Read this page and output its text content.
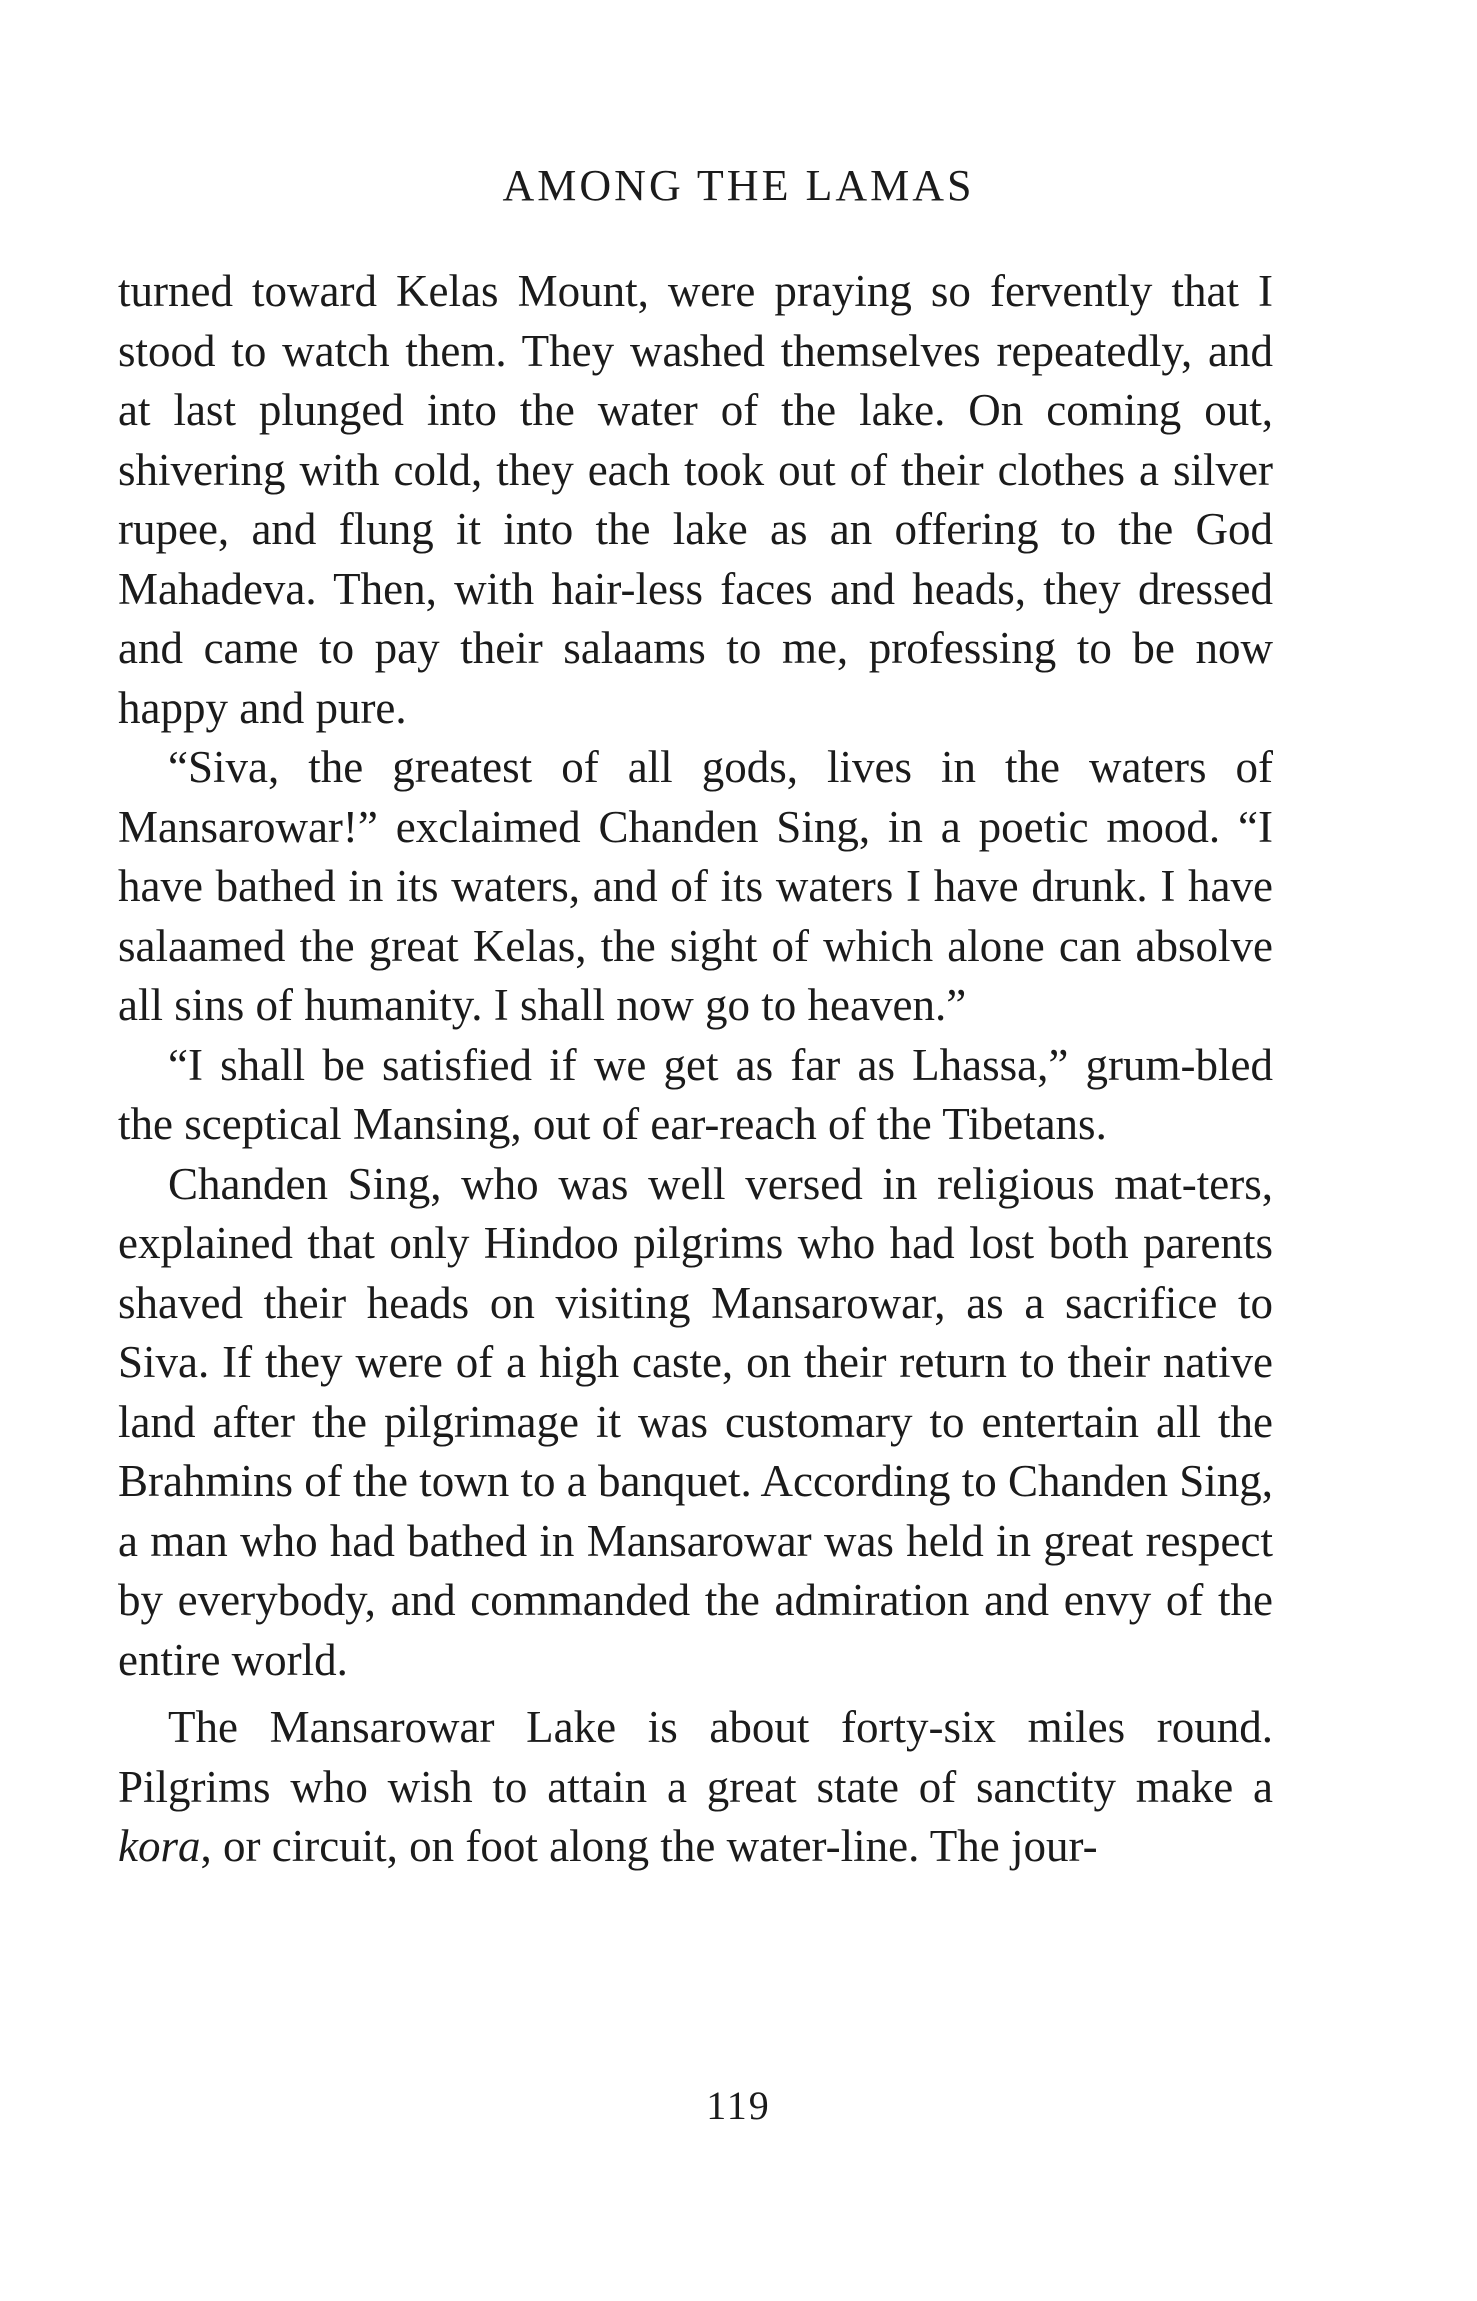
AMONG THE LAMAS

turned toward Kelas Mount, were praying so fervently that I stood to watch them. They washed themselves repeatedly, and at last plunged into the water of the lake. On coming out, shivering with cold, they each took out of their clothes a silver rupee, and flung it into the lake as an offering to the God Mahadeva. Then, with hair-less faces and heads, they dressed and came to pay their salaams to me, professing to be now happy and pure.

“Siva, the greatest of all gods, lives in the waters of Mansarowar!” exclaimed Chanden Sing, in a poetic mood. “I have bathed in its waters, and of its waters I have drunk. I have salaamed the great Kelas, the sight of which alone can absolve all sins of humanity. I shall now go to heaven.”

“I shall be satisfied if we get as far as Lhassa,” grum-bled the sceptical Mansing, out of ear-reach of the Tibetans.

Chanden Sing, who was well versed in religious mat-ters, explained that only Hindoo pilgrims who had lost both parents shaved their heads on visiting Mansarowar, as a sacrifice to Siva. If they were of a high caste, on their return to their native land after the pilgrimage it was customary to entertain all the Brahmins of the town to a banquet. According to Chanden Sing, a man who had bathed in Mansarowar was held in great respect by everybody, and commanded the admiration and envy of the entire world.

The Mansarowar Lake is about forty-six miles round. Pilgrims who wish to attain a great state of sanctity make a kora, or circuit, on foot along the water-line. The jour-

119
